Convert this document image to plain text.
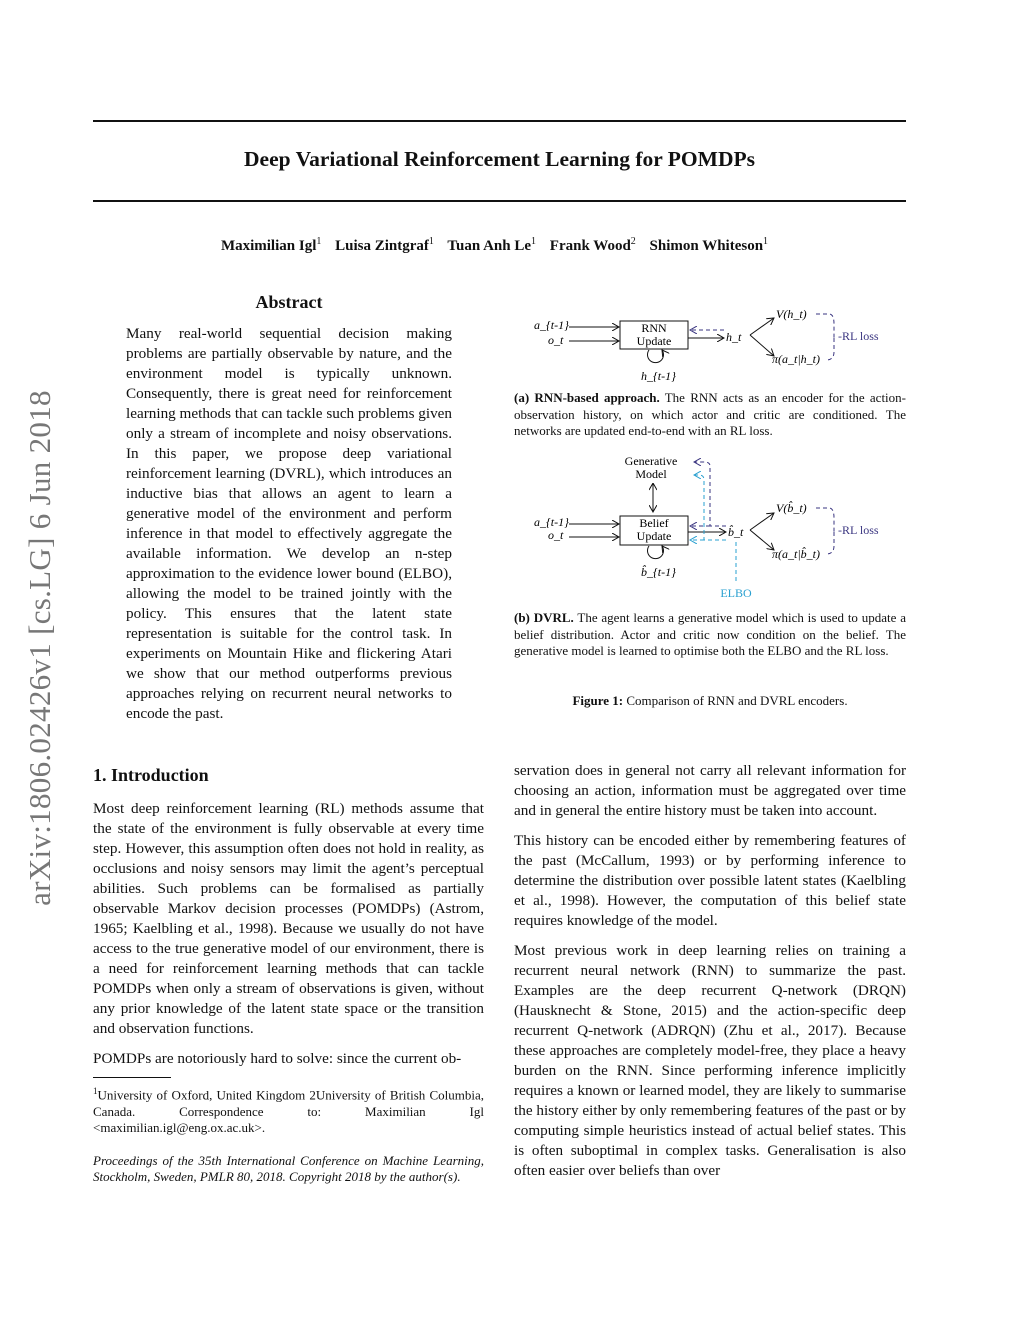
arXiv:1806.02426v1 [cs.LG] 6 Jun 2018
Deep Variational Reinforcement Learning for POMDPs
Maximilian Igl$^1$ Luisa Zintgraf$^1$ Tuan Anh Le$^1$ Frank Wood$^2$ Shimon Whiteson$^1$
Abstract
Many real-world sequential decision making problems are partially observable by nature, and the environment model is typically unknown. Consequently, there is great need for reinforcement learning methods that can tackle such problems given only a stream of incomplete and noisy observations. In this paper, we propose deep variational reinforcement learning (DVRL), which introduces an inductive bias that allows an agent to learn a generative model of the environment and perform inference in that model to effectively aggregate the available information. We develop an n-step approximation to the evidence lower bound (ELBO), allowing the model to be trained jointly with the policy. This ensures that the latent state representation is suitable for the control task. In experiments on Mountain Hike and flickering Atari we show that our method outperforms previous approaches relying on recurrent neural networks to encode the past.
1. Introduction

Most deep reinforcement learning (RL) methods assume that the state of the environment is fully observable at every time step. However, this assumption often does not hold in reality, as occlusions and noisy sensors may limit the agent’s perceptual abilities. Such problems can be formalised as partially observable Markov decision processes (POMDPs) (Astrom, 1965; Kaelbling et al., 1998). Because we usually do not have access to the true generative model of our environment, there is a need for reinforcement learning methods that can tackle POMDPs when only a stream of observations is given, without any prior knowledge of the latent state space or the transition and observation functions.

POMDPs are notoriously hard to solve: since the current ob-

$^1$University of Oxford, United Kingdom 2University of British Columbia, Canada. Correspondence to: Maximilian Igl <maximilian.igl@eng.ox.ac.uk>.

Proceedings of the 35th International Conference on Machine Learning, Stockholm, Sweden, PMLR 80, 2018. Copyright 2018 by the author(s).

a_{t-1}
o_t
RNN
Update
h_{t-1}
h_t
V(h_t)
π(a_t|h_t)
-RL loss
(a) RNN-based approach. The RNN acts as an encoder for the action-observation history, on which actor and critic are conditioned. The networks are updated end-to-end with an RL loss.
Generative
Model
a_{t-1}
o_t
Belief
Update
b̂_{t-1}
b̂_t
ELBO
V(b̂_t)
π(a_t|b̂_t)
-RL loss
(b) DVRL. The agent learns a generative model which is used to update a belief distribution. Actor and critic now condition on the belief. The generative model is learned to optimise both the ELBO and the RL loss.
Figure 1: Comparison of RNN and DVRL encoders.

servation does in general not carry all relevant information for choosing an action, information must be aggregated over time and in general the entire history must be taken into account.

This history can be encoded either by remembering features of the past (McCallum, 1993) or by performing inference to determine the distribution over possible latent states (Kaelbling et al., 1998). However, the computation of this belief state requires knowledge of the model.

Most previous work in deep learning relies on training a recurrent neural network (RNN) to summarize the past. Examples are the deep recurrent Q-network (DRQN) (Hausknecht & Stone, 2015) and the action-specific deep recurrent Q-network (ADRQN) (Zhu et al., 2017). Because these approaches are completely model-free, they place a heavy burden on the RNN. Since performing inference implicitly requires a known or learned model, they are likely to summarise the history either by only remembering features of the past or by computing simple heuristics instead of actual belief states. This is often suboptimal in complex tasks. Generalisation is also often easier over beliefs than over
